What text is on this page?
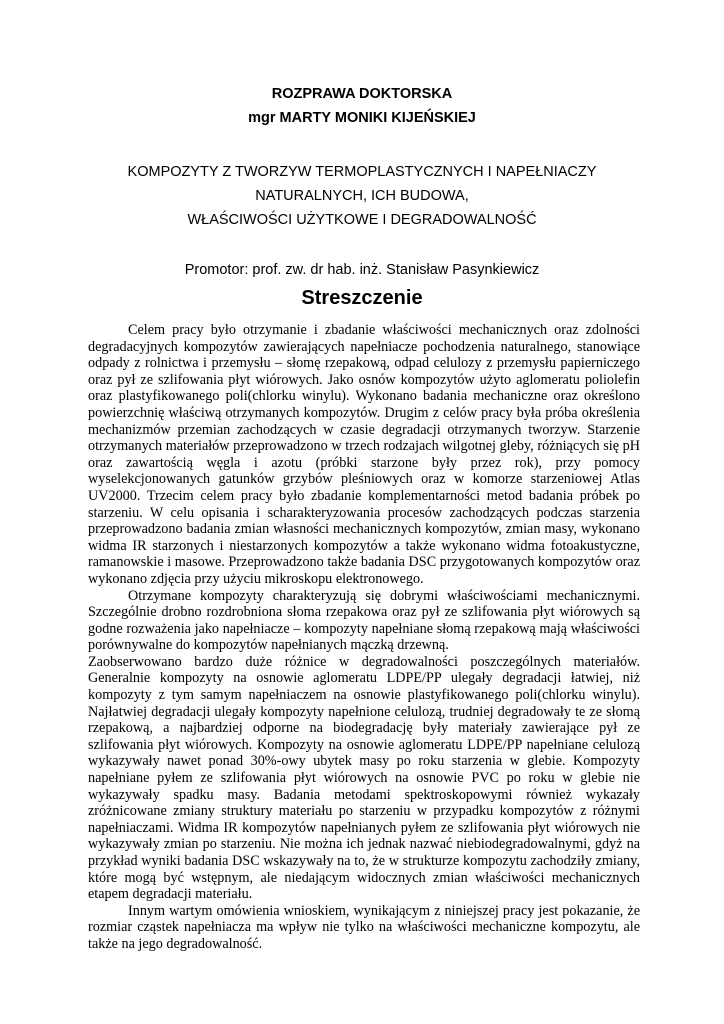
ROZPRAWA DOKTORSKA
mgr MARTY MONIKI KIJEŃSKIEJ
KOMPOZYTY Z TWORZYW TERMOPLASTYCZNYCH I NAPEŁNIACZY
NATURALNYCH, ICH BUDOWA,
WŁAŚCIWOŚCI UŻYTKOWE I DEGRADOWALNOŚĆ
Promotor: prof. zw. dr hab. inż. Stanisław Pasynkiewicz
Streszczenie

Celem pracy było otrzymanie i zbadanie właściwości mechanicznych oraz zdolności degradacyjnych kompozytów zawierających napełniacze pochodzenia naturalnego, stanowiące odpady z rolnictwa i przemysłu – słomę rzepakową, odpad celulozy z przemysłu papierniczego oraz pył ze szlifowania płyt wiórowych. Jako osnów kompozytów użyto aglomeratu poliolefin oraz plastyfikowanego poli(chlorku winylu). Wykonano badania mechaniczne oraz określono powierzchnię właściwą otrzymanych kompozytów. Drugim z celów pracy była próba określenia mechanizmów przemian zachodzących w czasie degradacji otrzymanych tworzyw. Starzenie otrzymanych materiałów przeprowadzono w trzech rodzajach wilgotnej gleby, różniących się pH oraz zawartością węgla i azotu (próbki starzone były przez rok), przy pomocy wyselekcjonowanych gatunków grzybów pleśniowych oraz w komorze starzeniowej Atlas UV2000. Trzecim celem pracy było zbadanie komplementarności metod badania próbek po starzeniu. W celu opisania i scharakteryzowania procesów zachodzących podczas starzenia przeprowadzono badania zmian własności mechanicznych kompozytów, zmian masy, wykonano widma IR starzonych i niestarzonych kompozytów a także wykonano widma fotoakustyczne, ramanowskie i masowe. Przeprowadzono także badania DSC przygotowanych kompozytów oraz wykonano zdjęcia przy użyciu mikroskopu elektronowego.

Otrzymane kompozyty charakteryzują się dobrymi właściwościami mechanicznymi. Szczególnie drobno rozdrobniona słoma rzepakowa oraz pył ze szlifowania płyt wiórowych są godne rozważenia jako napełniacze – kompozyty napełniane słomą rzepakową mają właściwości porównywalne do kompozytów napełnianych mączką drzewną.

Zaobserwowano bardzo duże różnice w degradowalności poszczególnych materiałów. Generalnie kompozyty na osnowie aglomeratu LDPE/PP ulegały degradacji łatwiej, niż kompozyty z tym samym napełniaczem na osnowie plastyfikowanego poli(chlorku winylu). Najłatwiej degradacji ulegały kompozyty napełnione celulozą, trudniej degradowały te ze słomą rzepakową, a najbardziej odporne na biodegradację były materiały zawierające pył ze szlifowania płyt wiórowych. Kompozyty na osnowie aglomeratu LDPE/PP napełniane celulozą wykazywały nawet ponad 30%-owy ubytek masy po roku starzenia w glebie. Kompozyty napełniane pyłem ze szlifowania płyt wiórowych na osnowie PVC po roku w glebie nie wykazywały spadku masy. Badania metodami spektroskopowymi również wykazały zróżnicowane zmiany struktury materiału po starzeniu w przypadku kompozytów z różnymi napełniaczami. Widma IR kompozytów napełnianych pyłem ze szlifowania płyt wiórowych nie wykazywały zmian po starzeniu. Nie można ich jednak nazwać niebiodegradowalnymi, gdyż na przykład wyniki badania DSC wskazywały na to, że w strukturze kompozytu zachodziły zmiany, które mogą być wstępnym, ale niedającym widocznych zmian właściwości mechanicznych etapem degradacji materiału.

Innym wartym omówienia wnioskiem, wynikającym z niniejszej pracy jest pokazanie, że rozmiar cząstek napełniacza ma wpływ nie tylko na właściwości mechaniczne kompozytu, ale także na jego degradowalność.
